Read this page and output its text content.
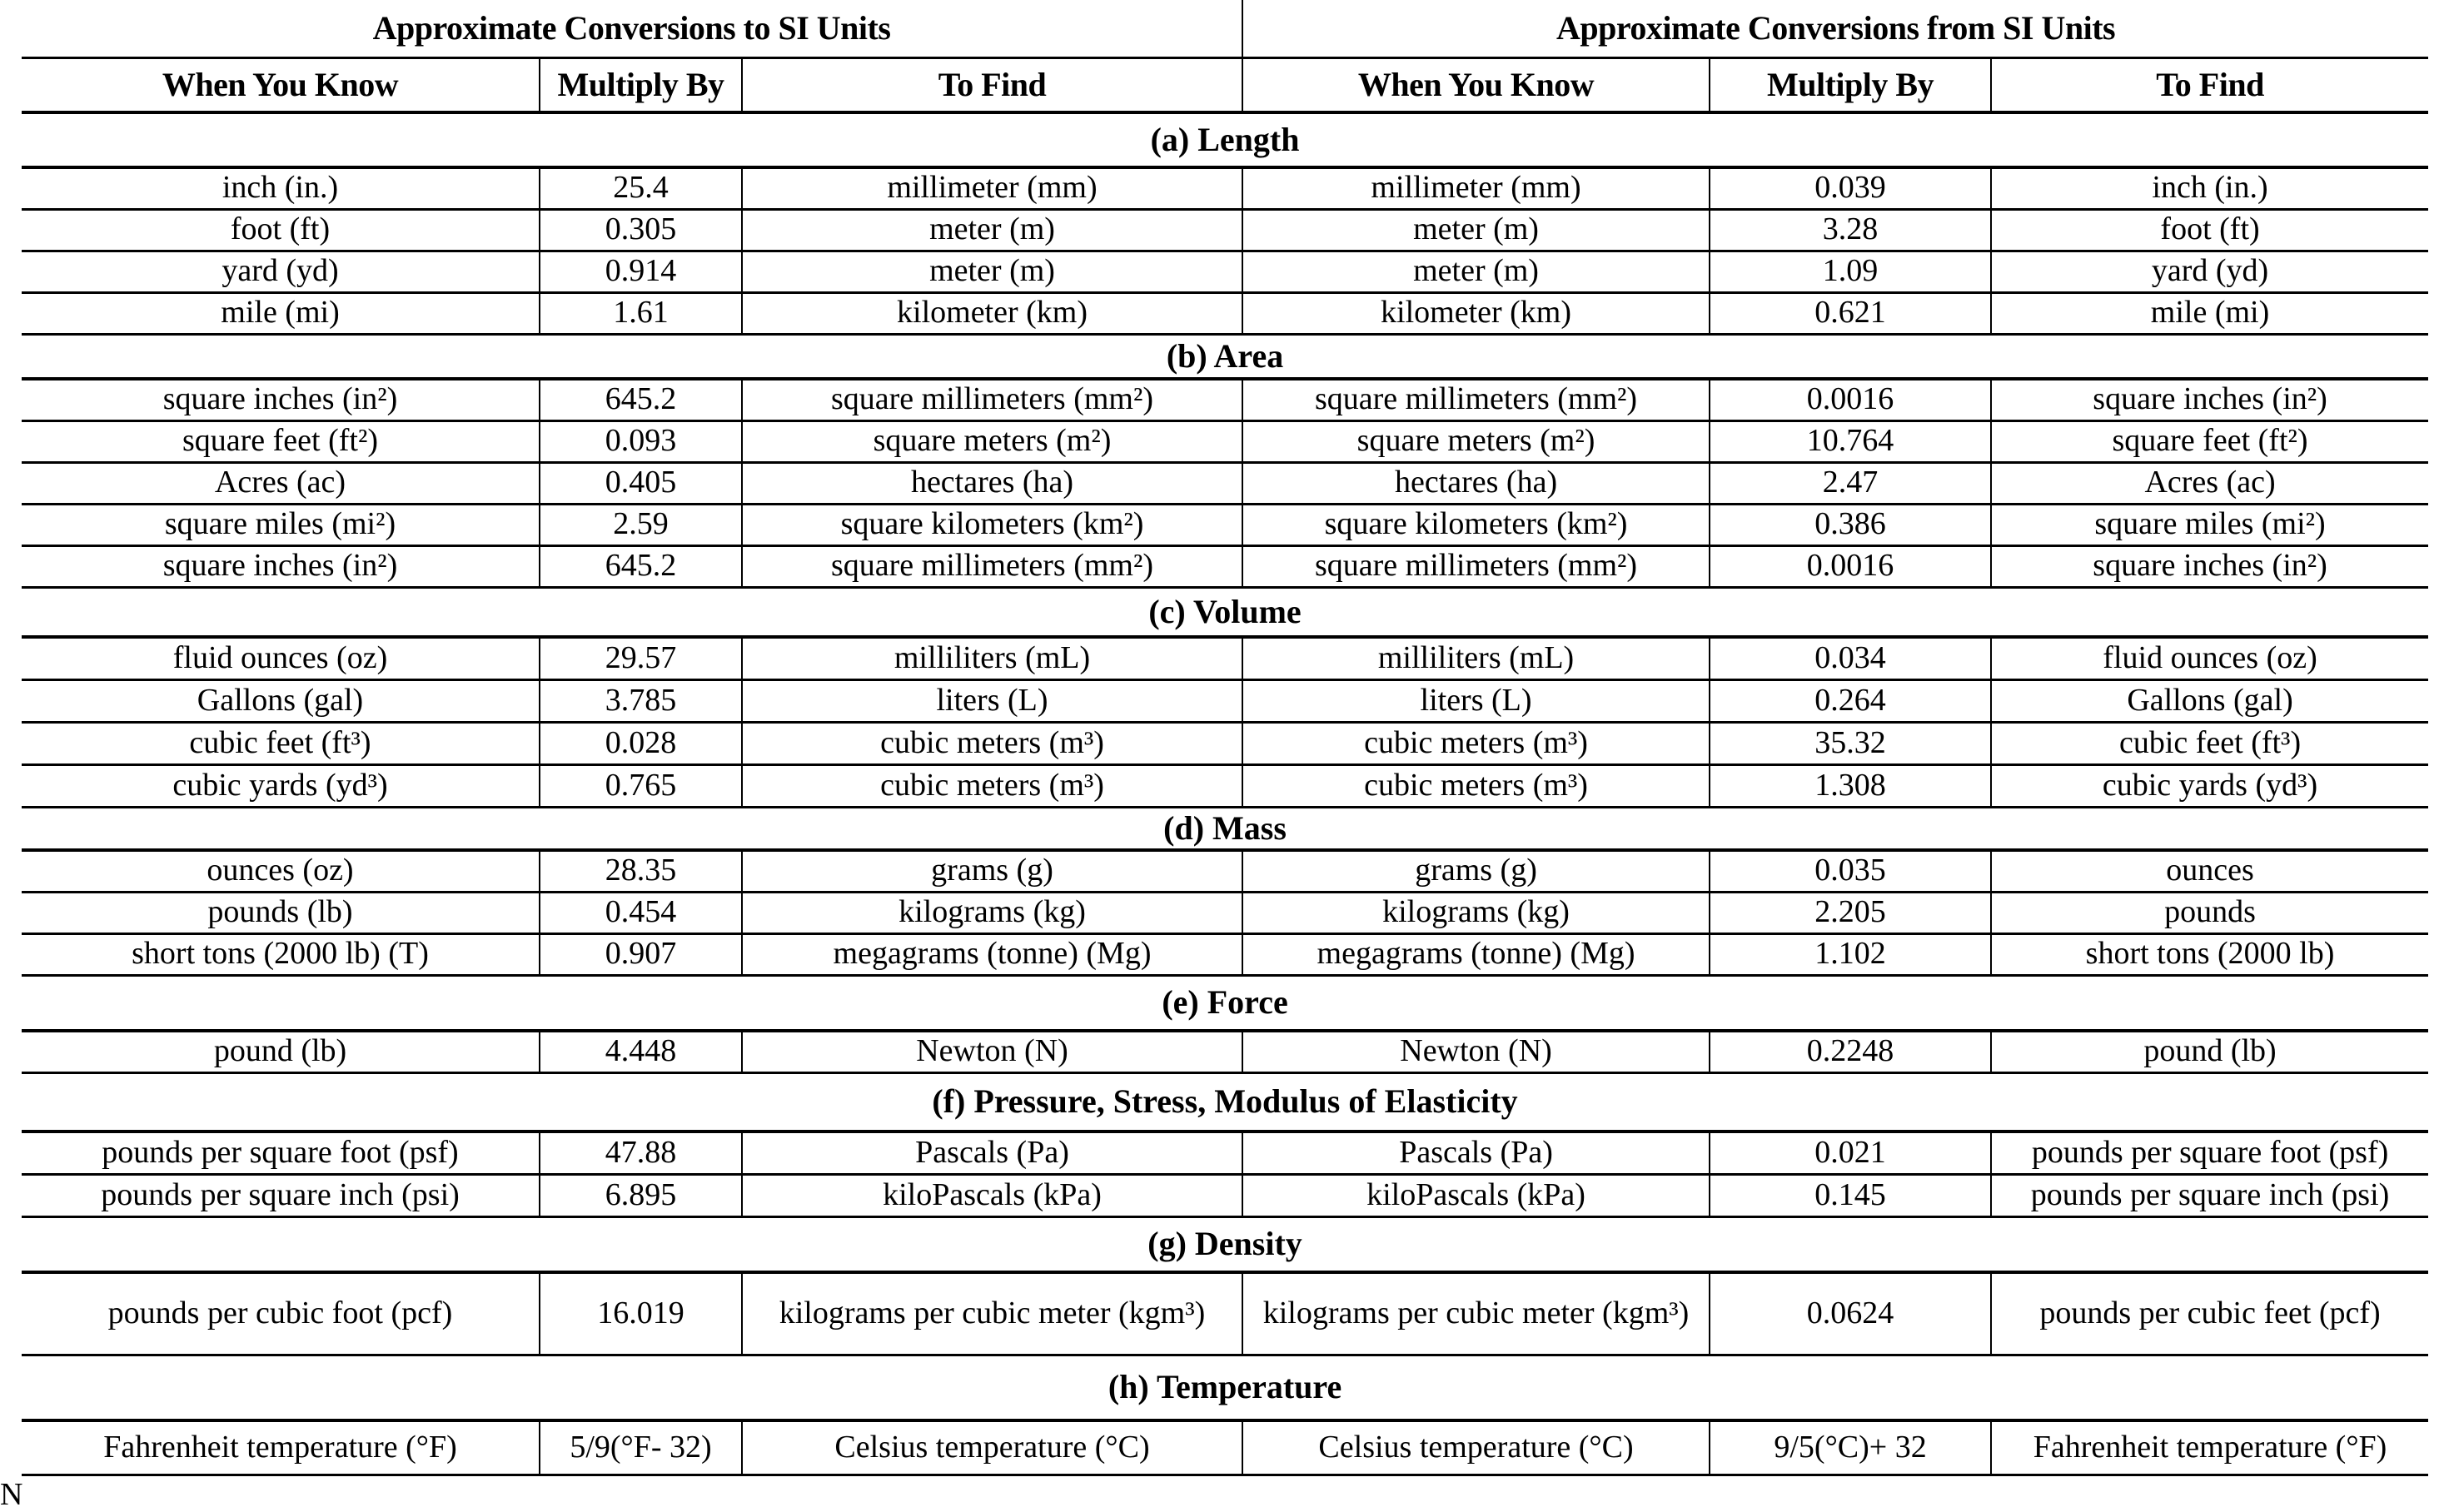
Approximate Conversions to SI Units			Approximate Conversions from SI Units		
When You Know	Multiply By	To Find	When You Know	Multiply By	To Find
(a) Length					
inch (in.)	25.4	millimeter (mm)	millimeter (mm)	0.039	inch (in.)
foot (ft)	0.305	meter (m)	meter (m)	3.28	foot (ft)
yard (yd)	0.914	meter (m)	meter (m)	1.09	yard (yd)
mile (mi)	1.61	kilometer (km)	kilometer (km)	0.621	mile (mi)
(b) Area					
square inches (in²)	645.2	square millimeters (mm²)	square millimeters (mm²)	0.0016	square inches (in²)
square feet (ft²)	0.093	square meters (m²)	square meters (m²)	10.764	square feet (ft²)
Acres (ac)	0.405	hectares (ha)	hectares (ha)	2.47	Acres (ac)
square miles (mi²)	2.59	square kilometers (km²)	square kilometers (km²)	0.386	square miles (mi²)
square inches (in²)	645.2	square millimeters (mm²)	square millimeters (mm²)	0.0016	square inches (in²)
(c) Volume					
fluid ounces (oz)	29.57	milliliters (mL)	milliliters (mL)	0.034	fluid ounces (oz)
Gallons (gal)	3.785	liters (L)	liters (L)	0.264	Gallons (gal)
cubic feet (ft³)	0.028	cubic meters (m³)	cubic meters (m³)	35.32	cubic feet (ft³)
cubic yards (yd³)	0.765	cubic meters (m³)	cubic meters (m³)	1.308	cubic yards (yd³)
(d) Mass					
ounces (oz)	28.35	grams (g)	grams (g)	0.035	ounces
pounds (lb)	0.454	kilograms (kg)	kilograms (kg)	2.205	pounds
short tons (2000 lb) (T)	0.907	megagrams (tonne) (Mg)	megagrams (tonne) (Mg)	1.102	short tons (2000 lb)
(e) Force					
pound (lb)	4.448	Newton (N)	Newton (N)	0.2248	pound (lb)
(f) Pressure, Stress, Modulus of Elasticity					
pounds per square foot (psf)	47.88	Pascals (Pa)	Pascals (Pa)	0.021	pounds per square foot (psf)
pounds per square inch (psi)	6.895	kiloPascals (kPa)	kiloPascals (kPa)	0.145	pounds per square inch (psi)
(g) Density					
pounds per cubic foot (pcf)	16.019	kilograms per cubic meter (kgm³)	kilograms per cubic meter (kgm³)	0.0624	pounds per cubic feet (pcf)
(h) Temperature					
Fahrenheit temperature (°F)	5/9(°F- 32)	Celsius temperature (°C)	Celsius temperature (°C)	9/5(°C)+ 32	Fahrenheit temperature (°F)
N
